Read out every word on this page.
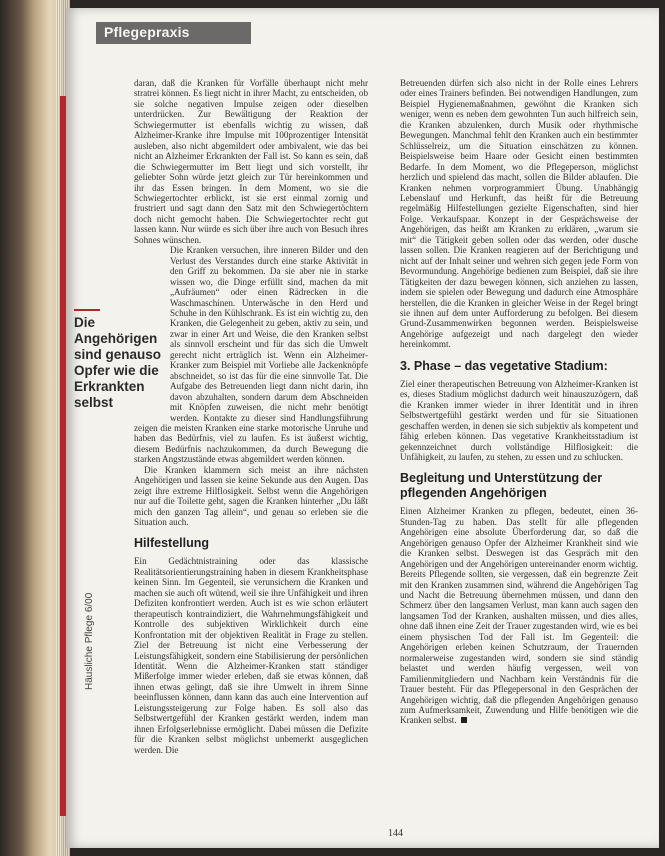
Pflegepraxis
Häusliche Pflege 6/00

daran, daß die Kranken für Vorfälle überhaupt nicht mehr stratrei können. Es liegt nicht in ihrer Macht, zu entscheiden, ob sie solche negativen Impulse zeigen oder dieselben unterdrücken. Zur Bewältigung der Reaktion der Schwiegermutter ist ebenfalls wichtig zu wissen, daß Alzheimer-Kranke ihre Impulse mit 100prozentiger Intensität ausleben, also nicht abgemildert oder ambivalent, wie das bei nicht an Alzheimer Erkrankten der Fall ist. So kann es sein, daß die Schwiegermutter im Bett liegt und sich vorstellt, ihr geliebter Sohn würde jetzt gleich zur Tür hereinkommen und ihr das Essen bringen. In dem Moment, wo sie die Schwiegertochter erblickt, ist sie erst einmal zornig und frustriert und sagt dann den Satz mit den Schwiegertöchtern doch nicht gemocht haben. Die Schwiegertochter recht gut lassen kann. Nur würde es sich über ihre auch von Besuch ihres Sohnes wünschen.

Die Angehörigen sind genauso Opfer wie die Erkrankten selbst

Die Kranken versuchen, ihre inneren Bilder und den Verlust des Verstandes durch eine starke Aktivität in den Griff zu bekommen. Da sie aber nie in starke wissen wo, die Dinge erfüllt sind, machen da mit „Aufräumen“ oder einen Rädrecken in die Waschmaschinen. Unterwäsche in den Herd und Schuhe in den Kühlschrank. Es ist ein wichtig zu, den Kranken, die Gelegenheit zu geben, aktiv zu sein, und zwar in einer Art und Weise, die den Kranken selbst als sinnvoll erscheint und für das sich die Umwelt gerecht nicht erträglich ist. Wenn ein Alzheimer-Kranker zum Beispiel mit Vorliebe alle Jackenknöpfe abschneidet, so ist das für die eine sinnvolle Tat. Die Aufgabe des Betreuenden liegt dann nicht darin, ihn davon abzuhalten, sondern darum dem Abschneiden mit Knöpfen zuweisen, die nicht mehr benötigt werden. Kontakte zu dieser sind Handlungsführung zeigen die meisten Kranken eine starke motorische Unruhe und haben das Bedürfnis, viel zu laufen. Es ist äußerst wichtig, diesem Bedürfnis nachzukommen, da durch Bewegung die starken Angstzustände etwas abgemildert werden können.

Die Kranken klammern sich meist an ihre nächsten Angehörigen und lassen sie keine Sekunde aus den Augen. Das zeigt ihre extreme Hilflosigkeit. Selbst wenn die Angehörigen nur auf die Toilette geht, sagen die Kranken hinterher „Du läßt mich den ganzen Tag allein“, und genau so erleben sie die Situation auch.

Hilfestellung

Ein Gedächtnistraining oder das klassische Realitätsorientierungstraining haben in diesem Krankheitsphase keinen Sinn. Im Gegenteil, sie verunsichern die Kranken und machen sie auch oft wütend, weil sie ihre Unfähigkeit und ihren Defiziten konfrontiert werden. Auch ist es wie schon erläutert therapeutisch kontraindiziert, die Wahrnehmungsfähigkeit und Kontrolle des subjektiven Wirklichkeit durch eine Konfrontation mit der objektiven Realität in Frage zu stellen. Ziel der Betreuung ist nicht eine Verbesserung der Leistungsfähigkeit, sondern eine Stabilisierung der persönlichen Identität. Wenn die Alzheimer-Kranken statt ständiger Mißerfolge immer wieder erleben, daß sie etwas können, daß ihnen etwas gelingt, daß sie ihre Umwelt in ihrem Sinne beeinflussen können, dann kann das auch eine Intervention auf Leistungssteigerung zur Folge haben. Es soll also das Selbstwertgefühl der Kranken gestärkt werden, indem man ihnen Erfolgserlebnisse ermöglicht. Dabei müssen die Defizite für die Kranken selbst möglichst unbemerkt ausgeglichen werden. Die

Betreuenden dürfen sich also nicht in der Rolle eines Lehrers oder eines Trainers befinden. Bei notwendigen Handlungen, zum Beispiel Hygienemaßnahmen, gewöhnt die Kranken sich weniger, wenn es neben dem gewohnten Tun auch hilfreich sein, die Kranken abzulenken, durch Musik oder rhythmische Bewegungen. Manchmal fehlt den Kranken auch ein bestimmter Schlüsselreiz, um die Situation einschätzen zu können. Beispielsweise beim Haare oder Gesicht einen bestimmten Bedarfe. In dem Moment, wo die Pflegeperson, möglichst herzlich und spielend das macht, sollen die Bilder ablaufen. Die Kranken nehmen vorprogrammiert Übung. Unabhängig Lebenslauf und Herkunft, das heißt für die Betreuung regelmäßig Hilfestellungen gezielte Eigenschaften, sind hier Folge. Verkaufspaar. Konzept in der Gesprächsweise der Angehörigen, das heißt am Kranken zu erklären, „warum sie mit“ die Tätigkeit geben sollen oder das werden, oder dusche lassen sollen. Die Kranken reagieren auf der Berichtigung und nicht auf der Inhalt seiner und wehren sich gegen jede Form von Bevormundung. Angehörige bedienen zum Beispiel, daß sie ihre Tätigkeiten der dazu bewegen können, sich anziehen zu lassen, indem sie spielen oder Bewegung und dadurch eine Atmosphäre herstellen, die die Kranken in gleicher Weise in der Regel bringt sie ihnen auf dem unter Aufforderung zu befolgen. Bei diesem Grund-Zusammenwirken begonnen werden. Beispielsweise Angehörige aufgezeigt und nach dargelegt den wieder hereinkommt.

3. Phase – das vegetative Stadium:

Ziel einer therapeutischen Betreuung von Alzheimer-Kranken ist es, dieses Stadium möglichst dadurch weit hinauszuzögern, daß die Kranken immer wieder in ihrer Identität und in ihren Selbstwertgefühl gestärkt werden und für sie Situationen geschaffen werden, in denen sie sich subjektiv als kompetent und fähig erleben können. Das vegetative Krankheitsstadium ist gekennzeichnet durch vollständige Hilflosigkeit: die Unfähigkeit, zu laufen, zu stehen, zu essen und zu schlucken.

Begleitung und Unterstützung der pflegenden Angehörigen

Einen Alzheimer Kranken zu pflegen, bedeutet, einen 36-Stunden-Tag zu haben. Das stellt für alle pflegenden Angehörigen eine absolute Überforderung dar, so daß die Angehörigen genauso Opfer der Alzheimer Krankheit sind wie die Kranken selbst. Deswegen ist das Gespräch mit den Angehörigen und der Angehörigen untereinander enorm wichtig. Bereits Pflegende sollten, sie vergessen, daß ein begrenzte Zeit mit den Kranken zusammen sind, während die Angehörigen Tag und Nacht die Betreuung übernehmen müssen, und dann den Schmerz über den langsamen Verlust, man kann auch sagen den langsamen Tod der Kranken, aushalten müssen, und dies alles, ohne daß ihnen eine Zeit der Trauer zugestanden wird, wie es bei einem physischen Tod der Fall ist. Im Gegenteil: die Angehörigen erleben keinen Schutzraum, der Trauernden normalerweise zugestanden wird, sondern sie sind ständig belastet und werden häufig vergessen, weil von Familienmitgliedern und Nachbarn kein Verständnis für die Trauer besteht. Für das Pflegepersonal in den Gesprächen der Angehörigen wichtig, daß die pflegenden Angehörigen genauso zum Aufmerksamkeit, Zuwendung und Hilfe benötigen wie die Kranken selbst.

144
